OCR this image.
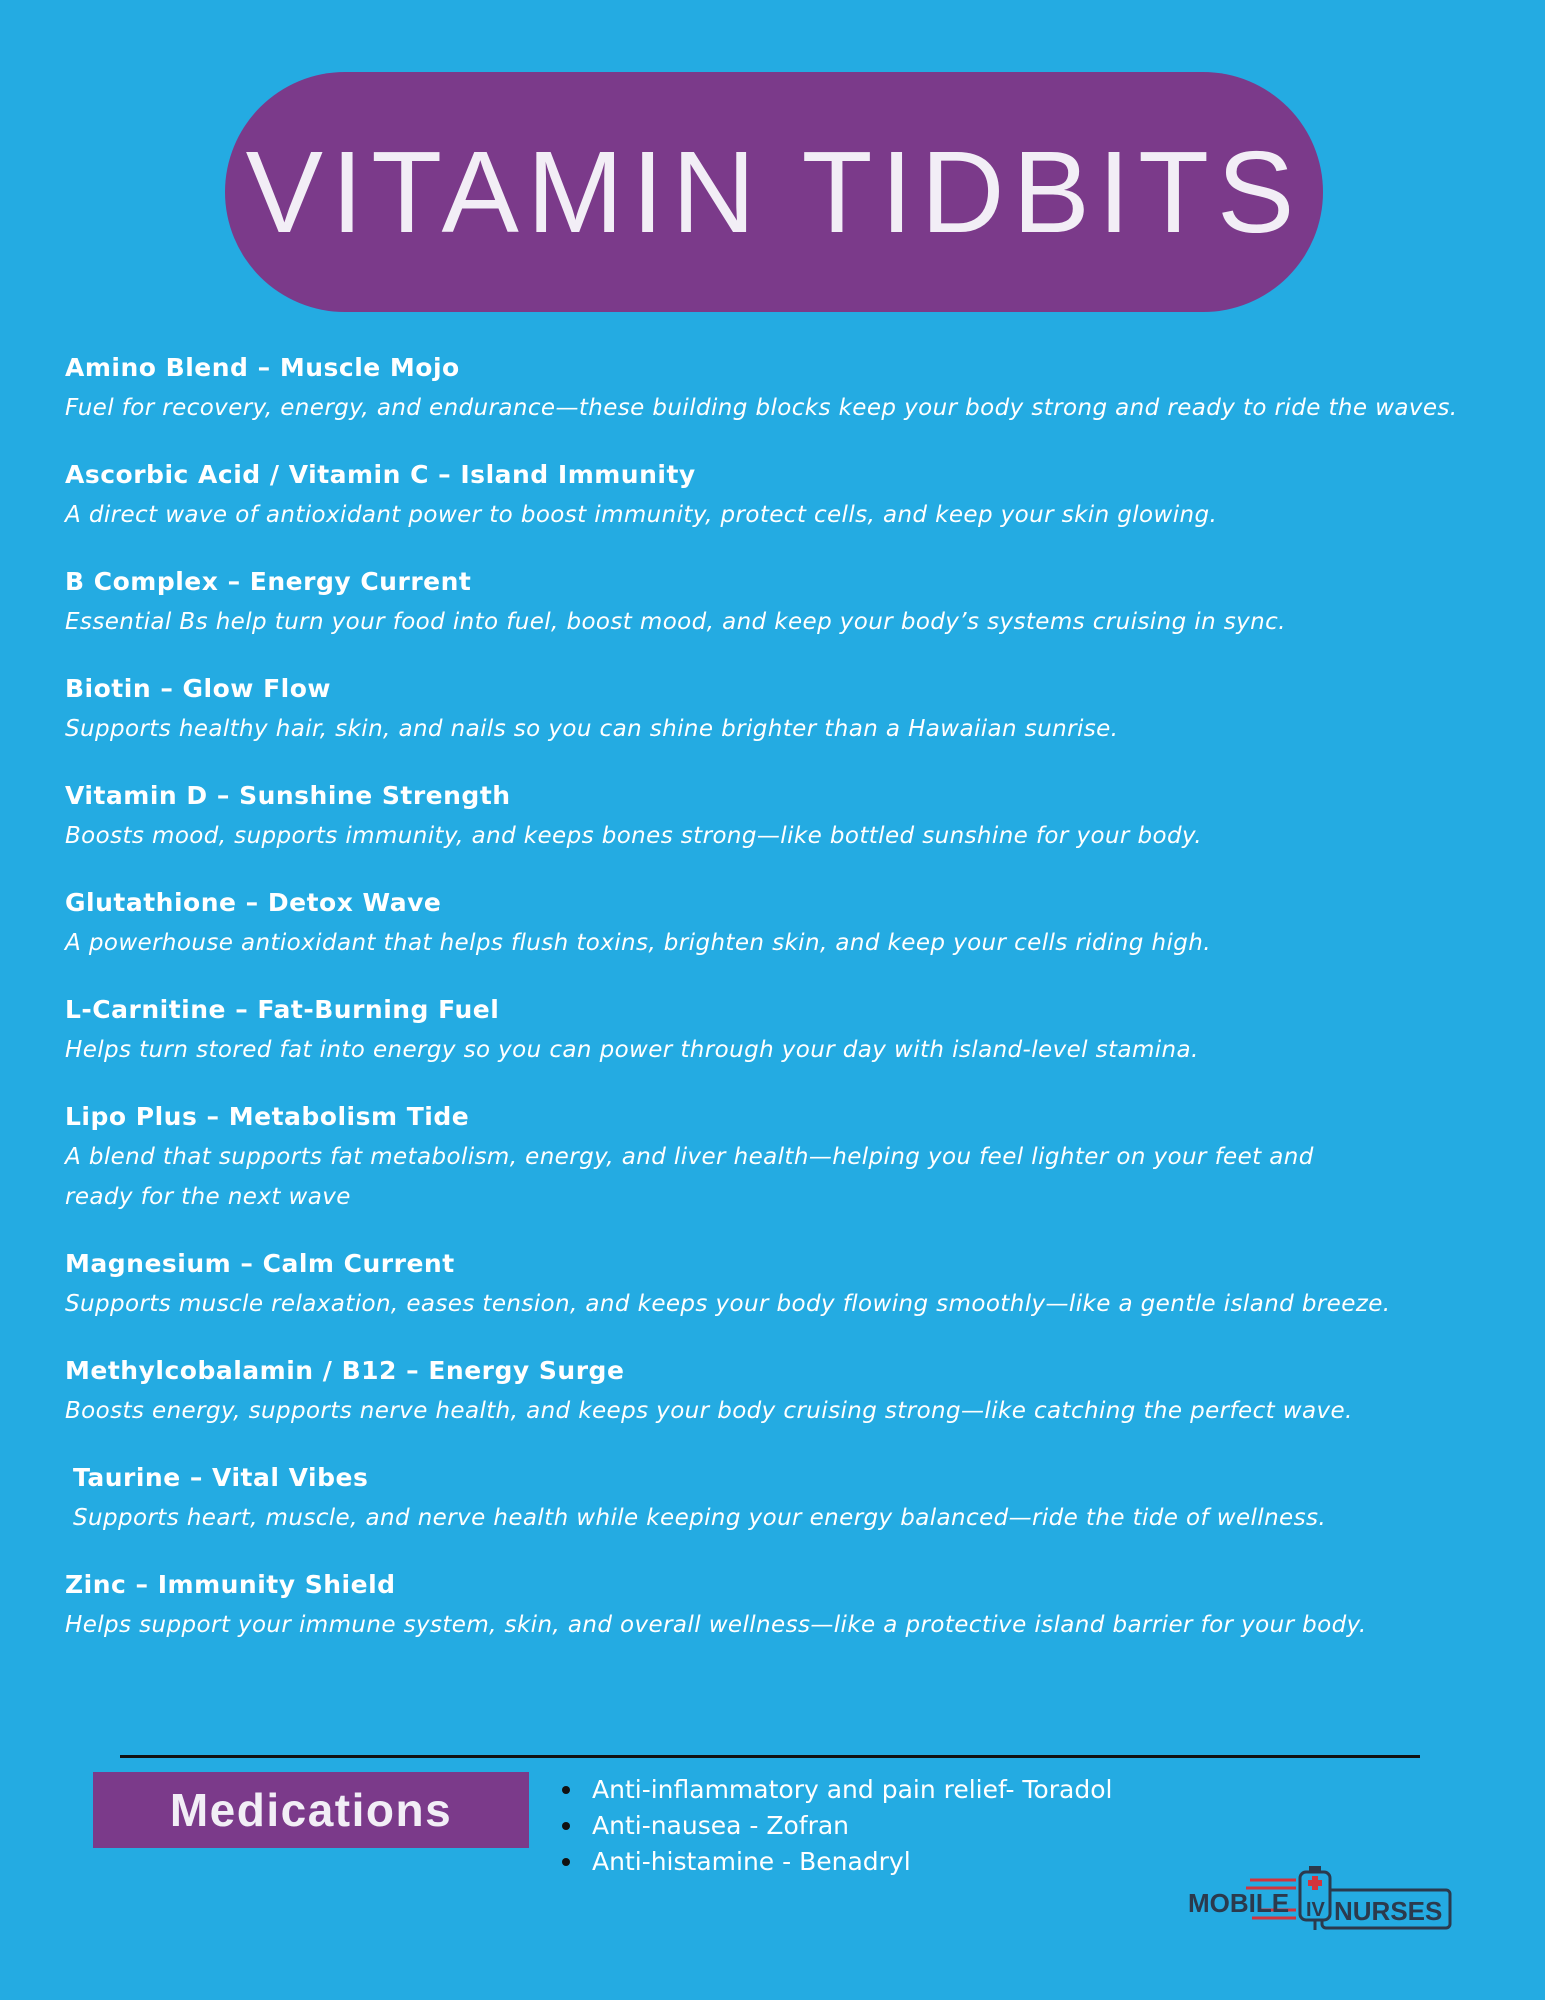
VITAMIN TIDBITS
Amino Blend – Muscle Mojo
Fuel for recovery, energy, and endurance—these building blocks keep your body strong and ready to ride the waves.
Ascorbic Acid / Vitamin C – Island Immunity
A direct wave of antioxidant power to boost immunity, protect cells, and keep your skin glowing.
B Complex – Energy Current
Essential Bs help turn your food into fuel, boost mood, and keep your body’s systems cruising in sync.
Biotin – Glow Flow
Supports healthy hair, skin, and nails so you can shine brighter than a Hawaiian sunrise.
Vitamin D – Sunshine Strength
Boosts mood, supports immunity, and keeps bones strong—like bottled sunshine for your body.
Glutathione – Detox Wave
A powerhouse antioxidant that helps flush toxins, brighten skin, and keep your cells riding high.
L-Carnitine – Fat-Burning Fuel
Helps turn stored fat into energy so you can power through your day with island-level stamina.
Lipo Plus – Metabolism Tide
A blend that supports fat metabolism, energy, and liver health—helping you feel lighter on your feet and ready for the next wave
Magnesium – Calm Current
Supports muscle relaxation, eases tension, and keeps your body flowing smoothly—like a gentle island breeze.
Methylcobalamin / B12 – Energy Surge
Boosts energy, supports nerve health, and keeps your body cruising strong—like catching the perfect wave.
Taurine – Vital Vibes
Supports heart, muscle, and nerve health while keeping your energy balanced—ride the tide of wellness.
Zinc – Immunity Shield
Helps support your immune system, skin, and overall wellness—like a protective island barrier for your body.
Medications	Anti-inflammatory and pain relief- Toradol
Anti-nausea - Zofran
Anti-histamine - Benadryl
MOBILE IV NURSES
